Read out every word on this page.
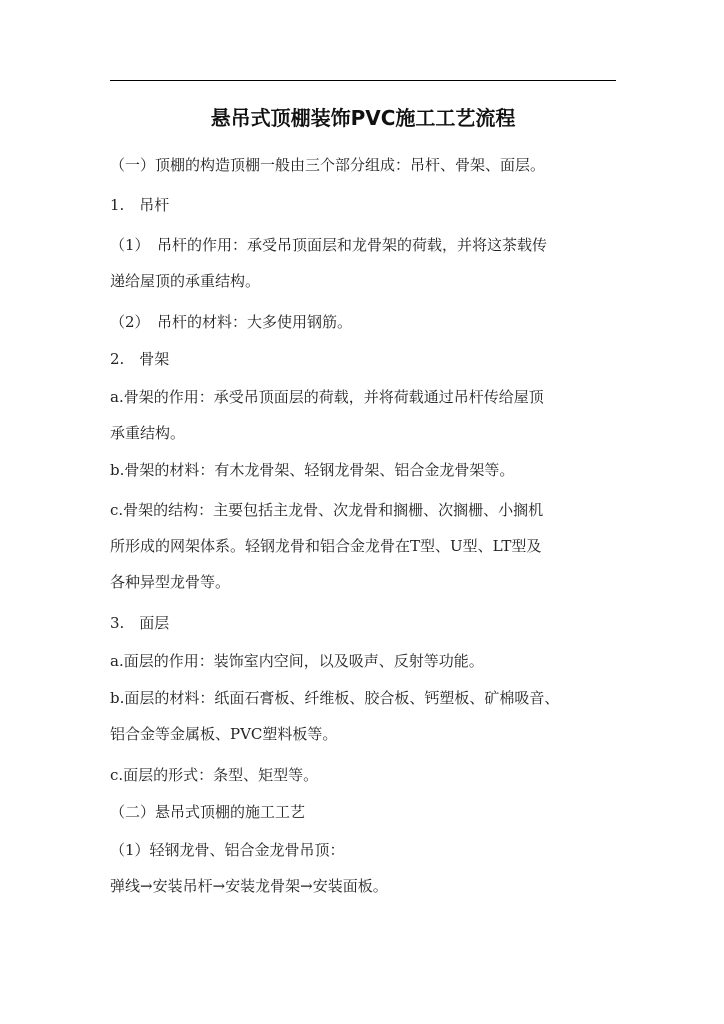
悬吊式顶棚装饰PVC施工工艺流程

（一）顶棚的构造顶棚一般由三个部分组成：吊杆、骨架、面层。

1.　吊杆

（1）　吊杆的作用：承受吊顶面层和龙骨架的荷载，并将这茶载传
递给屋顶的承重结构。

（2）　吊杆的材料：大多使用钢筋。

2.　骨架

a.骨架的作用：承受吊顶面层的荷载，并将荷载通过吊杆传给屋顶
承重结构。

b.骨架的材料：有木龙骨架、轻钢龙骨架、铝合金龙骨架等。

c.骨架的结构：主要包括主龙骨、次龙骨和搁栅、次搁栅、小搁机
所形成的网架体系。轻钢龙骨和铝合金龙骨在T型、U型、LT型及
各种异型龙骨等。

3.　面层

a.面层的作用：装饰室内空间，以及吸声、反射等功能。

b.面层的材料：纸面石膏板、纤维板、胶合板、钙塑板、矿棉吸音、
铝合金等金属板、PVC塑料板等。

c.面层的形式：条型、矩型等。

（二）悬吊式顶棚的施工工艺

（1）轻钢龙骨、铝合金龙骨吊顶：

弹线→安装吊杆→安装龙骨架→安装面板。
